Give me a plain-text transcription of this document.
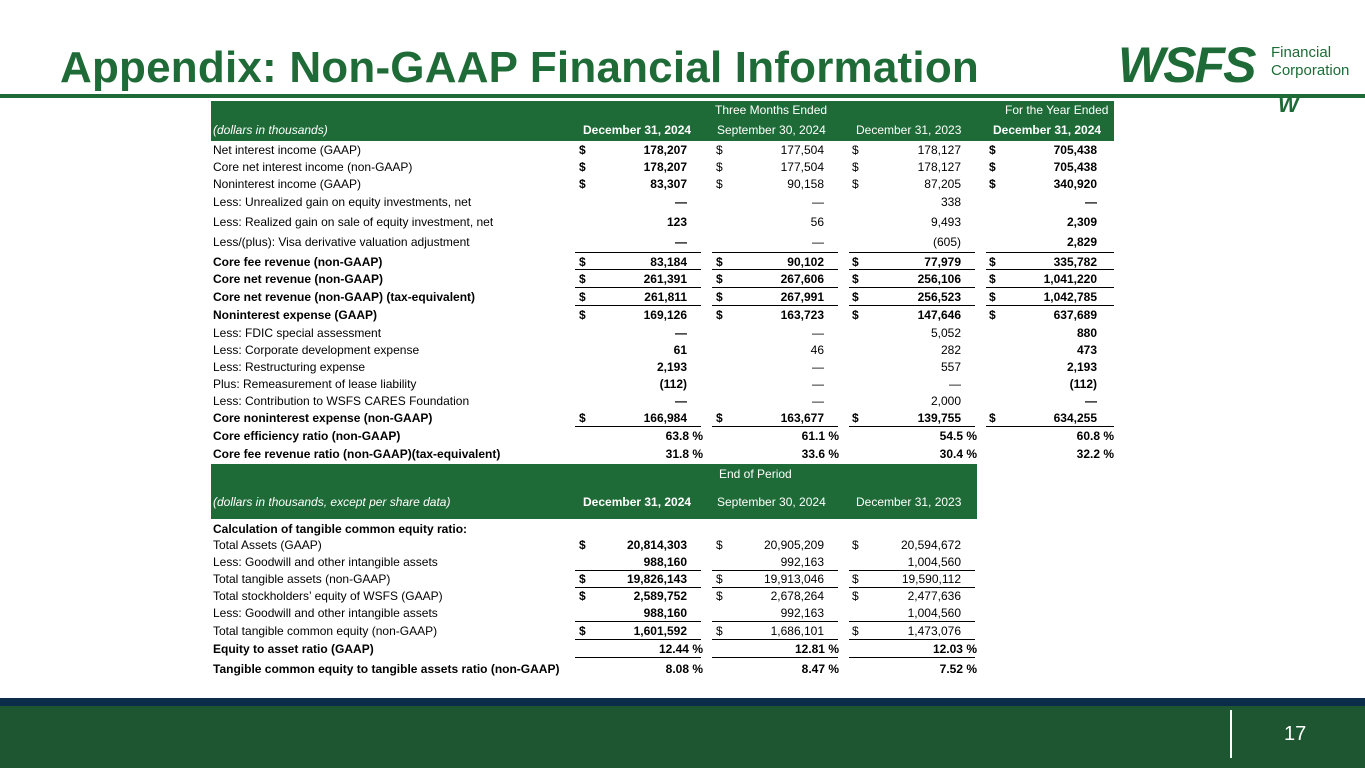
Appendix: Non-GAAP Financial Information	WSFS Financial
Corporation
W
Three Months Ended	For the Year Ended
(dollars in thousands)	December 31, 2024 September 30, 2024	December 31, 2023	December 31, 2024
Net interest income (GAAP)	$	178,207 $	177,504 $	178,127 $	705,438
Core net interest income (non-GAAP)	$	178,207 $	177,504 $	178,127 $	705,438
Noninterest income (GAAP)	$	83,307 $	90,158 $	87,205 $	340,920
Less: Unrealized gain on equity investments, net	—	—	338	—
Less: Realized gain on sale of equity investment, net	123	56	9,493	2,309
Less/(plus): Visa derivative valuation adjustment	—	—	(605)	2,829
Core fee revenue (non-GAAP)	$	83,184 $	90,102 $	77,979 $	335,782
Core net revenue (non-GAAP)	$	261,391 $	267,606 $	256,106 $	1,041,220
Core net revenue (non-GAAP) (tax-equivalent)	$	261,811 $	267,991 $	256,523 $	1,042,785
Noninterest expense (GAAP)	$	169,126 $	163,723 $	147,646 $	637,689
Less: FDIC special assessment	—	—	5,052	880
Less: Corporate development expense	61	46	282	473
Less: Restructuring expense	2,193	—	557	2,193
Plus: Remeasurement of lease liability	(112)	—	—	(112)
Less: Contribution to WSFS CARES Foundation	—	—	2,000	—
Core noninterest expense (non-GAAP)	$	166,984 $	163,677 $	139,755 $	634,255
Core efficiency ratio (non-GAAP)	63.8 %	61.1 %	54.5 %	60.8 %
Core fee revenue ratio (non-GAAP)(tax-equivalent)	31.8 %	33.6 %	30.4 %	32.2 %
End of Period
(dollars in thousands, except per share data)	December 31, 2024 September 30, 2024	December 31, 2023
Calculation of tangible common equity ratio:
Total Assets (GAAP)	$	20,814,303 $	20,905,209 $	20,594,672
Less: Goodwill and other intangible assets	988,160	992,163	1,004,560
Total tangible assets (non-GAAP)	$	19,826,143 $	19,913,046 $	19,590,112
Total stockholders’ equity of WSFS (GAAP)	$	2,589,752 $	2,678,264 $	2,477,636
Less: Goodwill and other intangible assets	988,160	992,163	1,004,560
Total tangible common equity (non-GAAP)	$	1,601,592 $	1,686,101 $	1,473,076
Equity to asset ratio (GAAP)	12.44 %	12.81 %	12.03 %
Tangible common equity to tangible assets ratio (non-GAAP)	8.08 %	8.47 %	7.52 %
17
